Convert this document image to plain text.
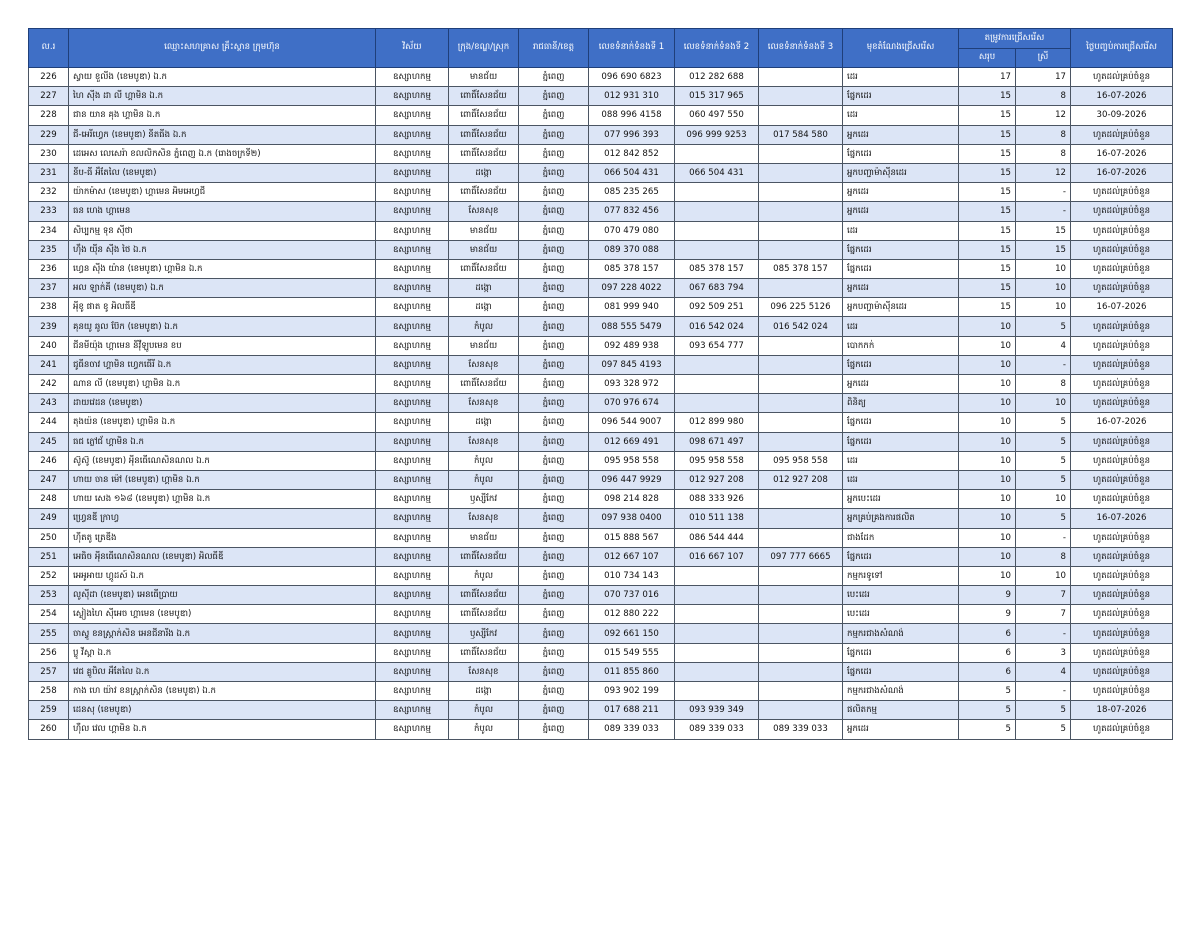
ល.រ	ឈ្មោះសហគ្រាស គ្រឹះស្ថាន ក្រុមហ៊ុន	វិស័យ	ក្រុង/ខណ្ឌ/ស្រុក	រាជធានី/ខេត្ត	លេខទំនាក់ទំនងទី 1	លេខទំនាក់ទំនងទី 2	លេខទំនាក់ទំនងទី 3	មុខតំណែងជ្រើសរើស	តម្រូវការជ្រើសរើស		ថ្ងៃបញ្ចប់ការជ្រើសរើស
									សរុប	ស្រី	
226	ស្វាយ ខួលីង (ខេមបូឌា) ឯ.ក	ឧស្សាហកម្ម	មានជ័យ	ភ្នំពេញ	096 690 6823	012 282 688		ដេរ	17	17	ហូតដល់គ្រប់ចំនួន
227	ហៃ ស៊ីង ដា លី ហ្គាមិន ឯ.ក	ឧស្សាហកម្ម	ពោធិ៍សែនជ័យ	ភ្នំពេញ	012 931 310	015 317 965		ផ្នែកដេរ	15	8	16-07-2026
228	ជាន យាន គុង ហ្គាមិន ឯ.ក	ឧស្សាហកម្ម	ពោធិ៍សែនជ័យ	ភ្នំពេញ	088 996 4158	060 497 550		ដេរ	15	12	30-09-2026
229	ជី-អេរីហ្វេក (ខេមបូឌា) នីតធីង ឯ.ក	ឧស្សាហកម្ម	ពោធិ៍សែនជ័យ	ភ្នំពេញ	077 996 393	096 999 9253	017 584 580	អ្នកដេរ	15	8	ហូតដល់គ្រប់ចំនួន
230	ដេអេស លេសេរ៉ា ខលលិកសិន ភ្នំពេញ ឯ.ក (រោងចក្រទី២)	ឧស្សាហកម្ម	ពោធិ៍សែនជ័យ	ភ្នំពេញ	012 842 852			ផ្នែកដេរ	15	8	16-07-2026
231	នីប-ធី អឹតែលៃ (ខេមបូឌា)	ឧស្សាហកម្ម	ដង្កោ	ភ្នំពេញ	066 504 431	066 504 431		អ្នកបញ្ជាម៉ាស៊ីនដេរ	15	12	16-07-2026
232	យ៉ាកម៉ាស (ខេមបូឌា) ហ្គាមេន អិមអេហ្វជី	ឧស្សាហកម្ម	ពោធិ៍សែនជ័យ	ភ្នំពេញ	085 235 265			អ្នកដេរ	15	-	ហូតដល់គ្រប់ចំនួន
233	ធន ហេង ហ្គាមេន	ឧស្សាហកម្ម	សែនសុខ	ភ្នំពេញ	077 832 456			អ្នកដេរ	15	-	ហូតដល់គ្រប់ចំនួន
234	សិប្បកម្ម ទុន ស៊ីថា	ឧស្សាហកម្ម	មានជ័យ	ភ្នំពេញ	070 479 080			ដេរ	15	15	ហូតដល់គ្រប់ចំនួន
235	ហ៊ឹង យ៉ីន ស៊ីង ថៃ ឯ.ក	ឧស្សាហកម្ម	មានជ័យ	ភ្នំពេញ	089 370 088			ផ្នែកដេរ	15	15	ហូតដល់គ្រប់ចំនួន
236	ហេ្វន ស៊ីង យ៉ាន (ខេមបូឌា) ហ្គាមិន ឯ.ក	ឧស្សាហកម្ម	ពោធិ៍សែនជ័យ	ភ្នំពេញ	085 378 157	085 378 157	085 378 157	ផ្នែកដេរ	15	10	ហូតដល់គ្រប់ចំនួន
237	អល ឡាក់គី (ខេមបូឌា) ឯ.ក	ឧស្សាហកម្ម	ដង្កោ	ភ្នំពេញ	097 228 4022	067 683 794		អ្នកដេរ	15	10	ហូតដល់គ្រប់ចំនួន
238	អុីខូ ផាត ខូ អិលធីឌី	ឧស្សាហកម្ម	ដង្កោ	ភ្នំពេញ	081 999 940	092 509 251	096 225 5126	អ្នកបញ្ជាម៉ាស៊ីនដេរ	15	10	16-07-2026
239	គុនយូ ឆូល ប៊ែក (ខេមបូឌា) ឯ.ក	ឧស្សាហកម្ម	កំបូល	ភ្នំពេញ	088 555 5479	016 542 024	016 542 024	ដេរ	10	5	ហូតដល់គ្រប់ចំនួន
240	ជីនមីយ៉ុង ហ្គាមេន នីវ៉ឺឡូបមេន ខប	ឧស្សាហកម្ម	មានជ័យ	ភ្នំពេញ	092 489 938	093 654 777		បោកកក់	10	4	ហូតដល់គ្រប់ចំនួន
241	ជូធីនចាវ ហ្គាមិន ហ្វេកធើរី ឯ.ក	ឧស្សាហកម្ម	សែនសុខ	ភ្នំពេញ	097 845 4193			ផ្នែកដេរ	10	-	ហូតដល់គ្រប់ចំនួន
242	ណាន លី (ខេមបូឌា) ហ្គាមិន ឯ.ក	ឧស្សាហកម្ម	ពោធិ៍សែនជ័យ	ភ្នំពេញ	093 328 972			អ្នកដេរ	10	8	ហូតដល់គ្រប់ចំនួន
243	ដាយវេដន (ខេមបូឌា)	ឧស្សាហកម្ម	សែនសុខ	ភ្នំពេញ	070 976 674			ពិនិត្យ	10	10	ហូតដល់គ្រប់ចំនួន
244	តុងយ៉ន (ខេមបូឌា) ហ្គាមិន ឯ.ក	ឧស្សាហកម្ម	ដង្កោ	ភ្នំពេញ	096 544 9007	012 899 980		ផ្នែកដេរ	10	5	16-07-2026
245	ធជ ភ្លៅជ័ ហ្គាមិន ឯ.ក	ឧស្សាហកម្ម	សែនសុខ	ភ្នំពេញ	012 669 491	098 671 497		ផ្នែកដេរ	10	5	ហូតដល់គ្រប់ចំនួន
246	ស៊ូស៊ូ (ខេមបូឌា) អុីនធើណេសិនណល ឯ.ក	ឧស្សាហកម្ម	កំបូល	ភ្នំពេញ	095 958 558	095 958 558	095 958 558	ដេរ	10	5	ហូតដល់គ្រប់ចំនួន
247	ហាយ ចាន ម៉ៅ (ខេមបូឌា) ហ្គាមិន ឯ.ក	ឧស្សាហកម្ម	កំបូល	ភ្នំពេញ	096 447 9929	012 927 208	012 927 208	ដេរ	10	5	ហូតដល់គ្រប់ចំនួន
248	ហាយ សេង ១៦៨ (ខេមបូឌា) ហ្គាមិន ឯ.ក	ឧស្សាហកម្ម	ឫស្សីកែវ	ភ្នំពេញ	098 214 828	088 333 926		អ្នកបេះដេរ	10	10	ហូតដល់គ្រប់ចំនួន
249	ហ្វ្រេនឌី ក្រាហ្វ	ឧស្សាហកម្ម	សែនសុខ	ភ្នំពេញ	097 938 0400	010 511 138		អ្នកគ្រប់គ្រងការផលិត	10	5	16-07-2026
250	ហ៊ីតតូ ត្រេឌីង	ឧស្សាហកម្ម	មានជ័យ	ភ្នំពេញ	015 888 567	086 544 444		ជាងដែក	10	-	ហូតដល់គ្រប់ចំនួន
251	អេធិច អុីនធើណេសិនណល (ខេមបូឌា) អិលធីឌី	ឧស្សាហកម្ម	ពោធិ៍សែនជ័យ	ភ្នំពេញ	012 667 107	016 667 107	097 777 6665	ផ្នែកដេរ	10	8	ហូតដល់គ្រប់ចំនួន
252	អេអូអាយ ហ្គូដស៍ ឯ.ក	ឧស្សាហកម្ម	កំបូល	ភ្នំពេញ	010 734 143			កម្មករទូទៅ	10	10	ហូតដល់គ្រប់ចំនួន
253	លូស៊ីដា (ខេមបូឌា) អេនធើប្រាយ	ឧស្សាហកម្ម	ពោធិ៍សែនជ័យ	ភ្នំពេញ	070 737 016			បេះដេរ	9	7	ហូតដល់គ្រប់ចំនួន
254	ស្ងៀងហៃ ស៊ីអេច ហ្គាមេន (ខេមបូឌា)	ឧស្សាហកម្ម	ពោធិ៍សែនជ័យ	ភ្នំពេញ	012 880 222			បេះដេរ	9	7	ហូតដល់គ្រប់ចំនួន
255	ចាស្វូ ខនស្រ្តាក់សិន អេនជីនារីង ឯ.ក	ឧស្សាហកម្ម	ឫស្សីកែវ	ភ្នំពេញ	092 661 150			កម្មករជាងសំណង់	6	-	ហូតដល់គ្រប់ចំនួន
256	ប្លូ វីស្តា ឯ.ក	ឧស្សាហកម្ម	ពោធិ៍សែនជ័យ	ភ្នំពេញ	015 549 555			ផ្នែកដេរ	6	3	ហូតដល់គ្រប់ចំនួន
257	វេជ គ្លូបិល អឹតែលៃ ឯ.ក	ឧស្សាហកម្ម	សែនសុខ	ភ្នំពេញ	011 855 860			ផ្នែកដេរ	6	4	ហូតដល់គ្រប់ចំនួន
258	កាង ហេ យ៉ាវ ខនស្រ្តាក់សិន (ខេមបូឌា) ឯ.ក	ឧស្សាហកម្ម	ដង្កោ	ភ្នំពេញ	093 902 199			កម្មករជាងសំណង់	5	-	ហូតដល់គ្រប់ចំនួន
259	ដេនសុ (ខេមបូឌា)	ឧស្សាហកម្ម	កំបូល	ភ្នំពេញ	017 688 211	093 939 349		ផលិតកម្ម	5	5	18-07-2026
260	ហ៊ឺល វេល ហ្គាមិន ឯ.ក	ឧស្សាហកម្ម	កំបូល	ភ្នំពេញ	089 339 033	089 339 033	089 339 033	អ្នកដេរ	5	5	ហូតដល់គ្រប់ចំនួន
